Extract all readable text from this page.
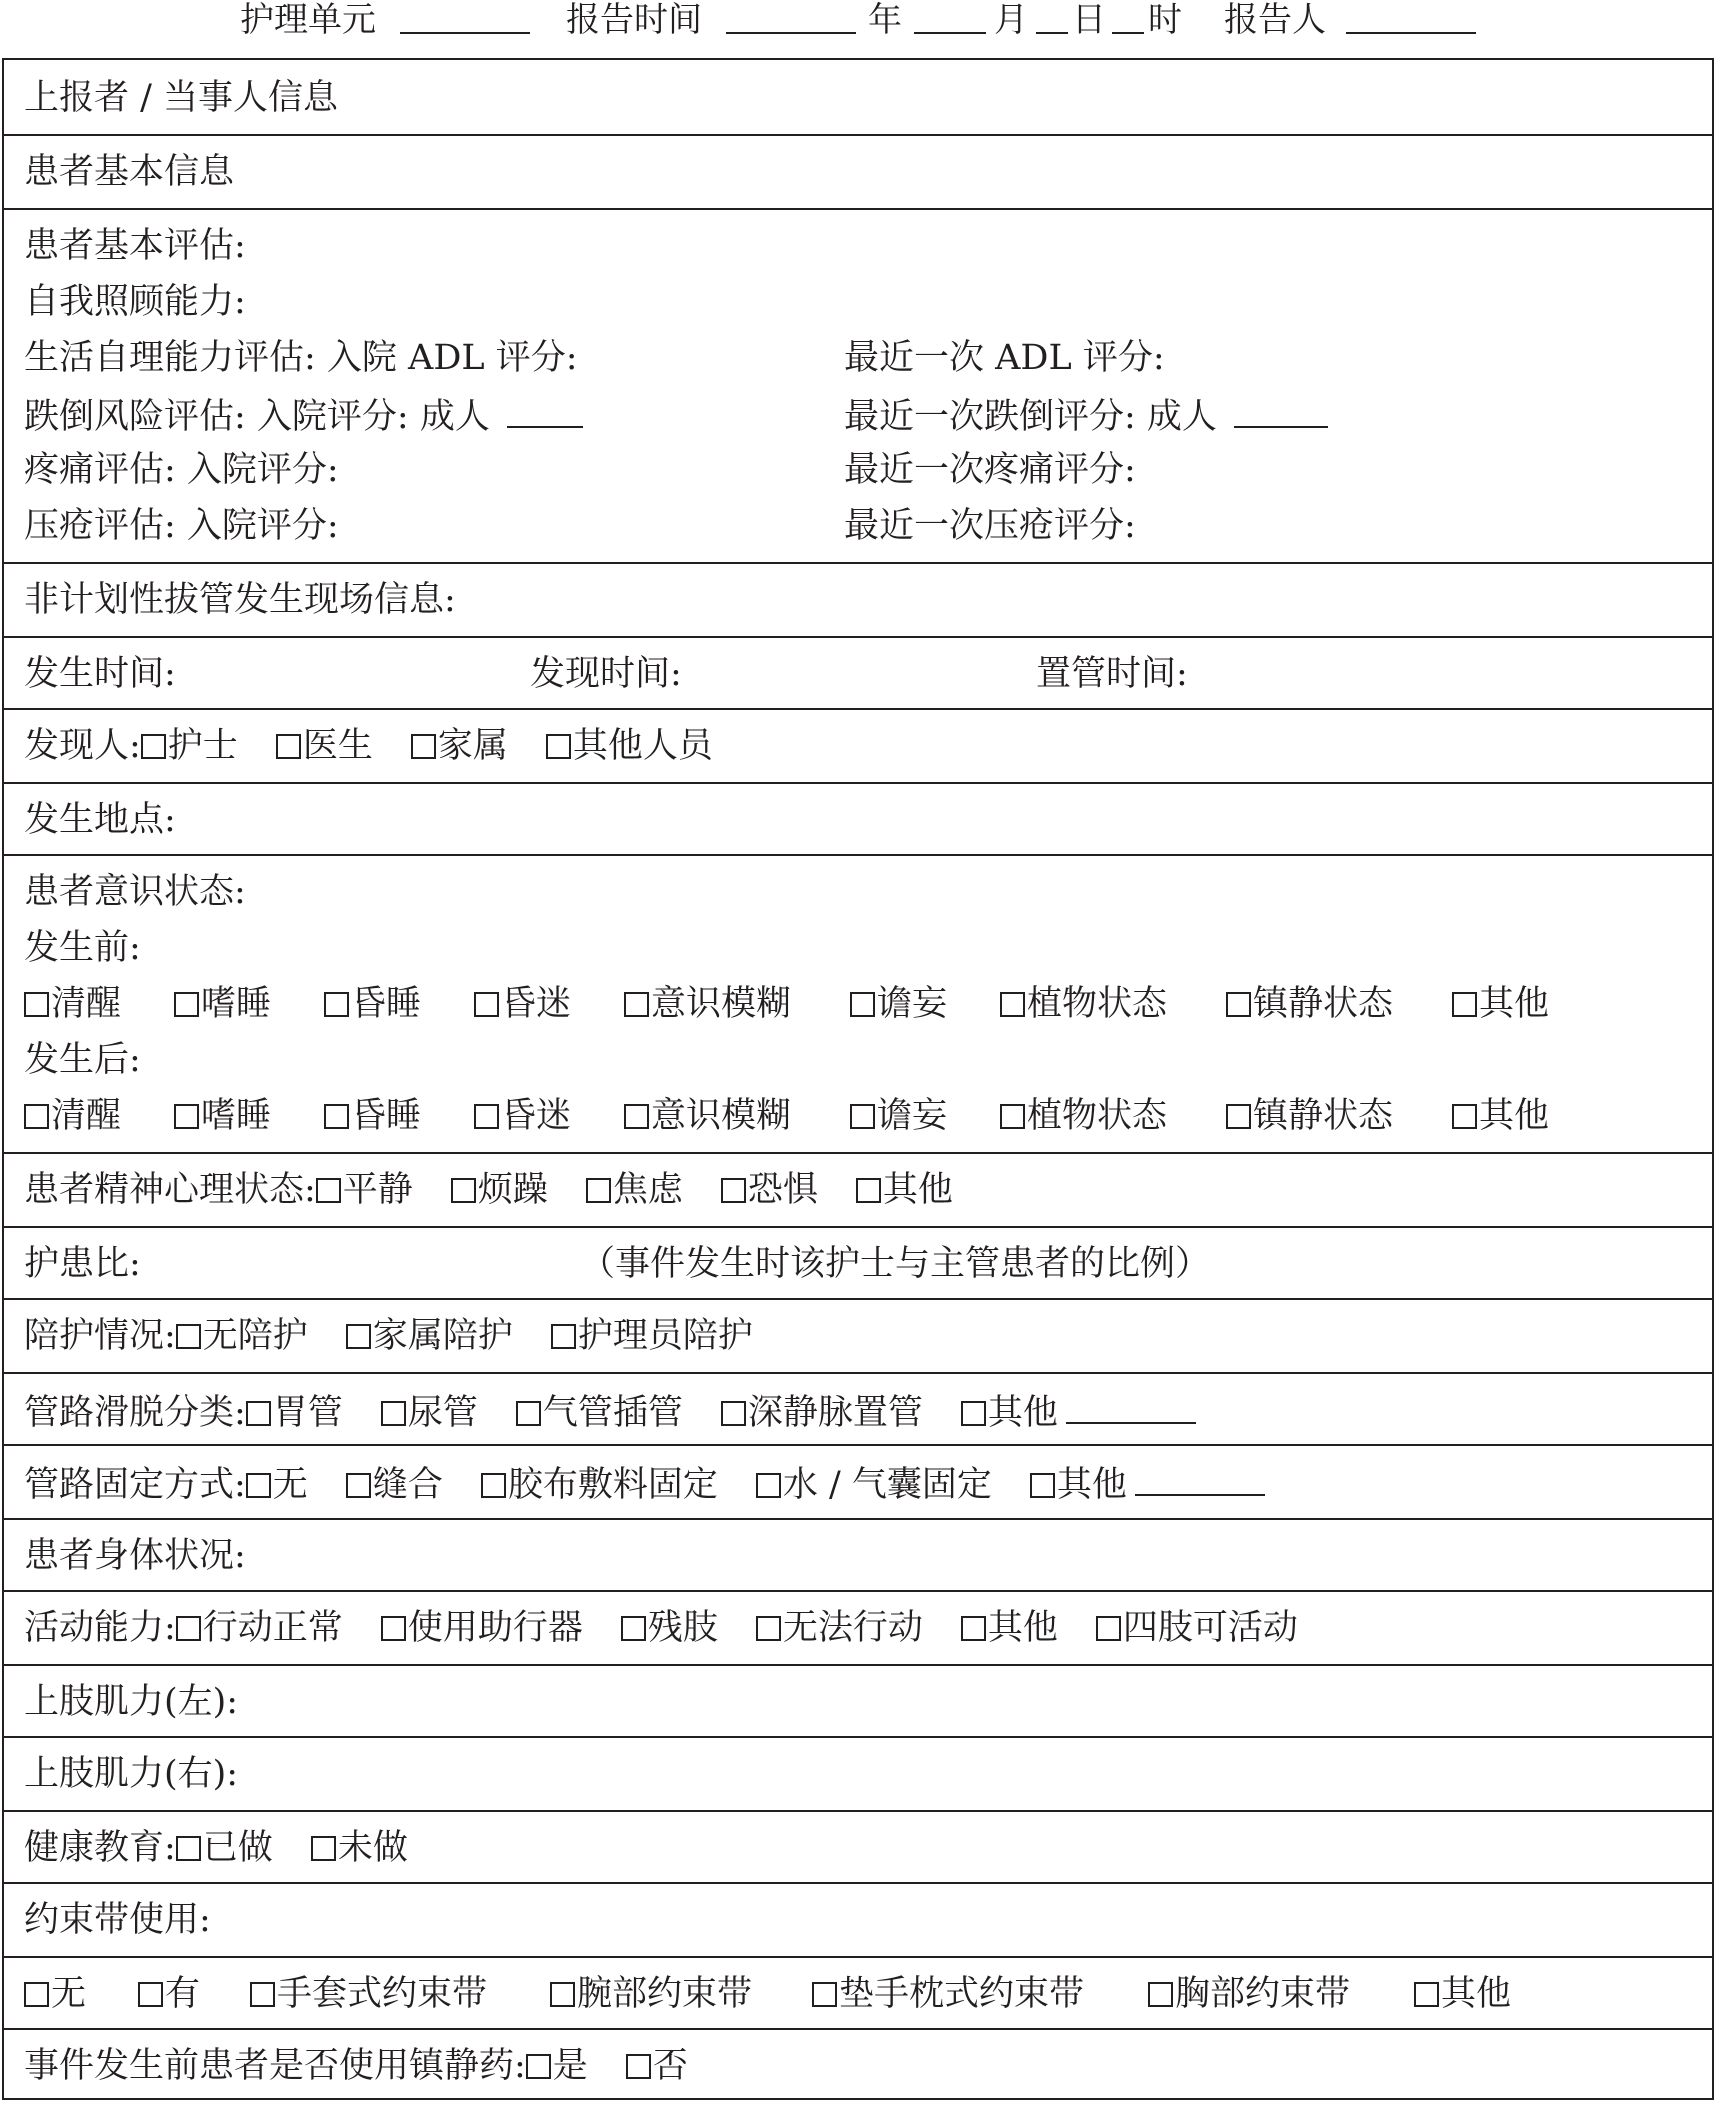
护理单元	报告时间	年	月 日 时 报告人
上报者 / 当事人信息
患者基本信息
患者基本评估:
自我照顾能力:
生活自理能力评估: 入院 ADL 评分:	最近一次 ADL 评分:
跌倒风险评估: 入院评分: 成人	最近一次跌倒评分: 成人
疼痛评估: 入院评分:	最近一次疼痛评分:
压疮评估: 入院评分:	最近一次压疮评分:
非计划性拔管发生现场信息:
发生时间:	发现时间:	置管时间:
发现人: 护士 医生 家属 其他人员
发生地点:
患者意识状态:
发生前:
清醒	嗜睡	昏睡	昏迷	意识模糊	谵妄	植物状态	镇静状态	其他
发生后:
清醒	嗜睡	昏睡	昏迷	意识模糊	谵妄	植物状态	镇静状态	其他
患者精神心理状态: 平静 烦躁 焦虑 恐惧 其他
护患比:	（事件发生时该护士与主管患者的比例）
陪护情况: 无陪护 家属陪护 护理员陪护
管路滑脱分类: 胃管 尿管 气管插管 深静脉置管 其他
管路固定方式: 无 缝合 胶布敷料固定 水 / 气囊固定 其他
患者身体状况:
活动能力: 行动正常 使用助行器 残肢 无法行动 其他 四肢可活动
上肢肌力(左):
上肢肌力(右):
健康教育: 已做 未做
约束带使用:
无	有	手套式约束带	腕部约束带	垫手枕式约束带	胸部约束带	其他
事件发生前患者是否使用镇静药: 是 否
